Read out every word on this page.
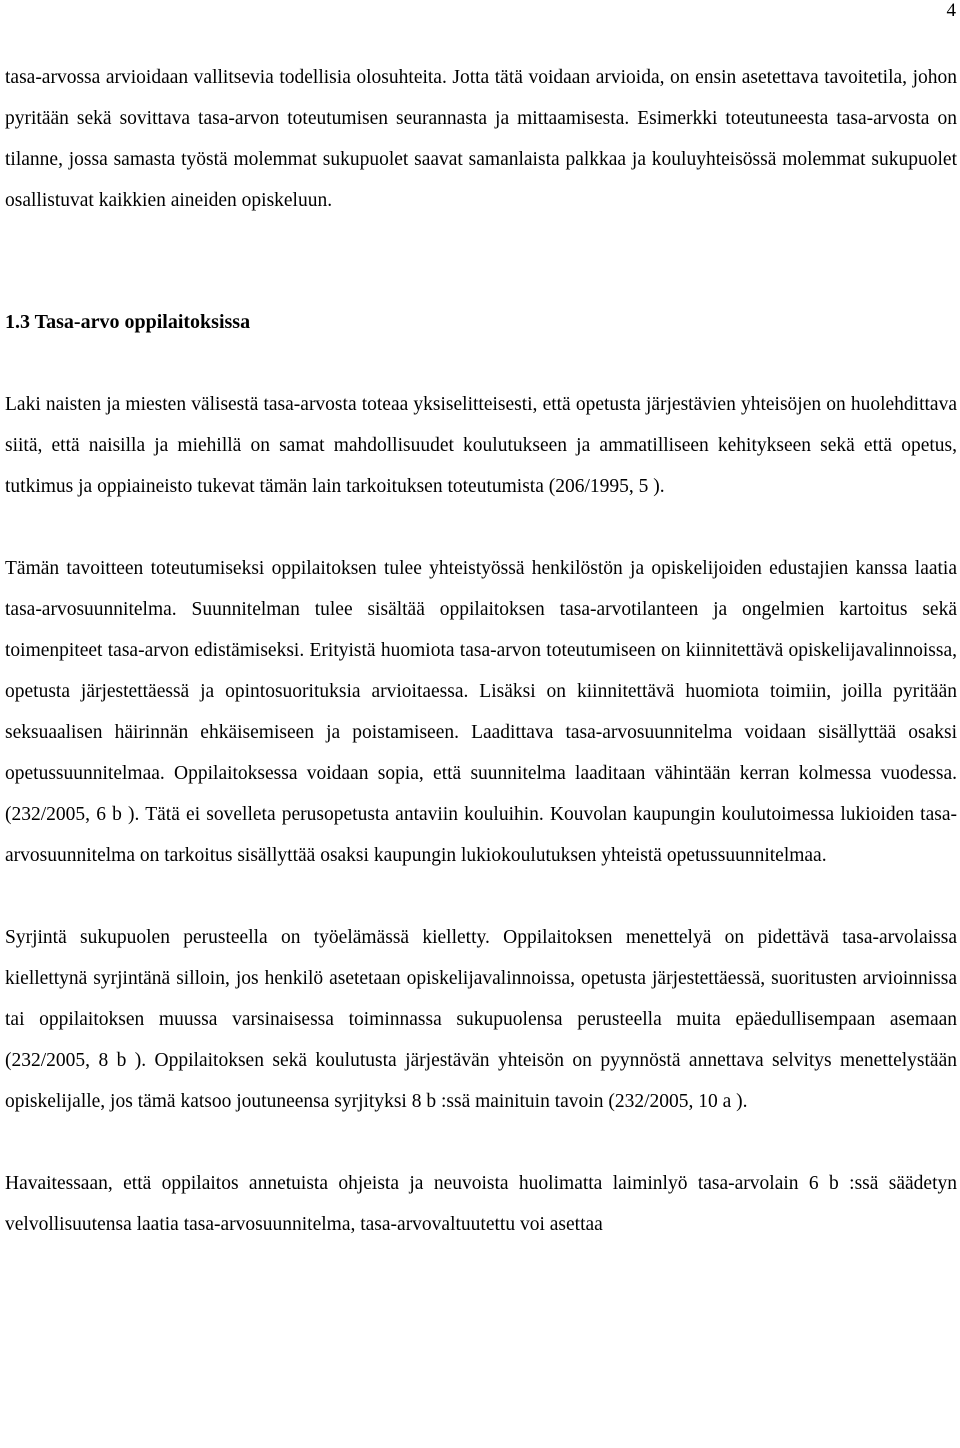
4

tasa-arvossa arvioidaan vallitsevia todellisia olosuhteita. Jotta tätä voidaan arvioida, on ensin asetettava tavoitetila, johon pyritään sekä sovittava tasa-arvon toteutumisen seurannasta ja mittaamisesta. Esimerkki toteutuneesta tasa-arvosta on tilanne, jossa samasta työstä molemmat sukupuolet saavat samanlaista palkkaa ja kouluyhteisössä molemmat sukupuolet osallistuvat kaikkien aineiden opiskeluun.

1.3 Tasa-arvo oppilaitoksissa

Laki naisten ja miesten välisestä tasa-arvosta toteaa yksiselitteisesti, että opetusta järjestävien yhteisöjen on huolehdittava siitä, että naisilla ja miehillä on samat mahdollisuudet koulutukseen ja ammatilliseen kehitykseen sekä että opetus, tutkimus ja oppiaineisto tukevat tämän lain tarkoituksen toteutumista (206/1995, 5 ).

Tämän tavoitteen toteutumiseksi oppilaitoksen tulee yhteistyössä henkilöstön ja opiskelijoiden edustajien kanssa laatia tasa-arvosuunnitelma. Suunnitelman tulee sisältää oppilaitoksen tasa-arvotilanteen ja ongelmien kartoitus sekä toimenpiteet tasa-arvon edistämiseksi. Erityistä huomiota tasa-arvon toteutumiseen on kiinnitettävä opiskelijavalinnoissa, opetusta järjestettäessä ja opintosuorituksia arvioitaessa. Lisäksi on kiinnitettävä huomiota toimiin, joilla pyritään seksuaalisen häirinnän ehkäisemiseen ja poistamiseen. Laadittava tasa-arvosuunnitelma voidaan sisällyttää osaksi opetussuunnitelmaa. Oppilaitoksessa voidaan sopia, että suunnitelma laaditaan vähintään kerran kolmessa vuodessa.(232/2005, 6 b ). Tätä ei sovelleta perusopetusta antaviin kouluihin. Kouvolan kaupungin koulutoimessa lukioiden tasa-arvosuunnitelma on tarkoitus sisällyttää osaksi kaupungin lukiokoulutuksen yhteistä opetussuunnitelmaa.

Syrjintä sukupuolen perusteella on työelämässä kielletty. Oppilaitoksen menettelyä on pidettävä tasa-arvolaissa kiellettynä syrjintänä silloin, jos henkilö asetetaan opiskelijavalinnoissa, opetusta järjestettäessä, suoritusten arvioinnissa tai oppilaitoksen muussa varsinaisessa toiminnassa sukupuolensa perusteella muita epäedullisempaan asemaan (232/2005, 8 b ). Oppilaitoksen sekä koulutusta järjestävän yhteisön on pyynnöstä annettava selvitys menettelystään opiskelijalle, jos tämä katsoo joutuneensa syrjityksi 8 b :ssä mainituin tavoin (232/2005, 10 a ).

Havaitessaan, että oppilaitos annetuista ohjeista ja neuvoista huolimatta laiminlyö tasa-arvolain 6 b :ssä säädetyn velvollisuutensa laatia tasa-arvosuunnitelma, tasa-arvovaltuutettu voi asettaa
